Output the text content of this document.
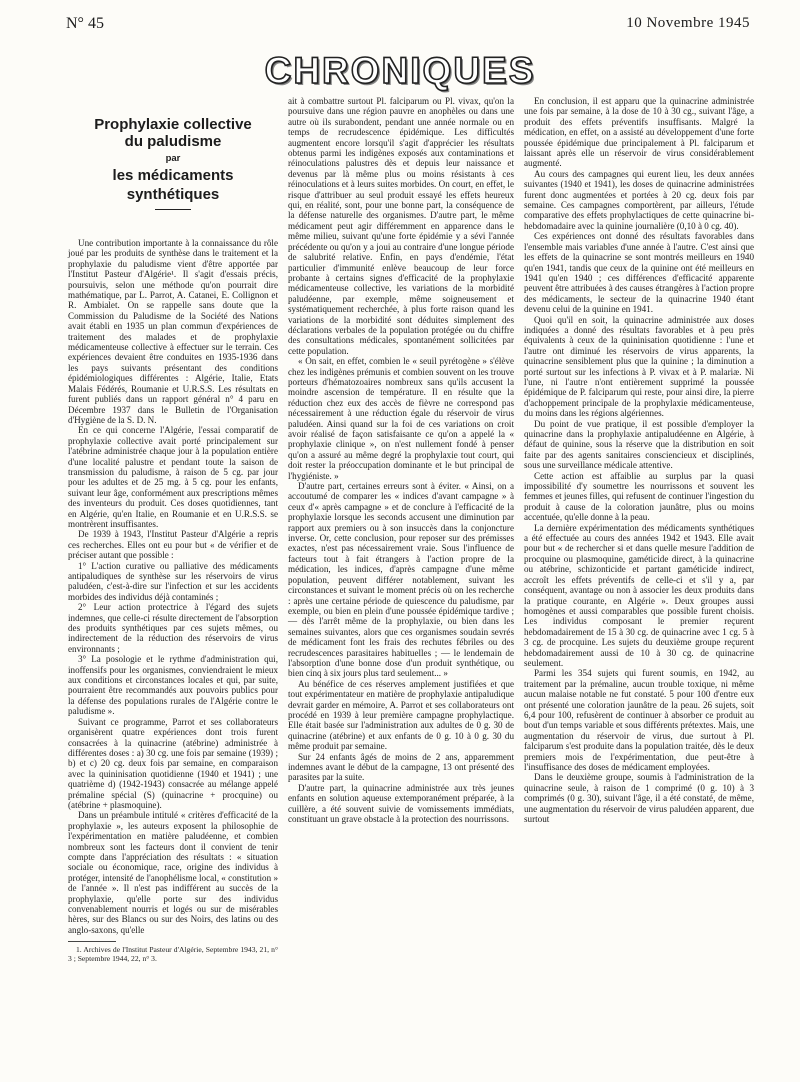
N° 45	10 Novembre 1945
CHRONIQUES
Prophylaxie collective
du paludisme
par
les médicaments synthétiques

Une contribution importante à la connaissance du rôle joué par les produits de synthèse dans le traitement et la prophylaxie du paludisme vient d'être apportée par l'Institut Pasteur d'Algérie¹. Il s'agit d'essais précis, poursuivis, selon une méthode qu'on pourrait dire mathématique, par L. Parrot, A. Catanei, E. Collignon et R. Ambialet. On se rappelle sans doute que la Commission du Paludisme de la Société des Nations avait établi en 1935 un plan commun d'expériences de traitement des malades et de prophylaxie médicamenteuse collective à effectuer sur le terrain. Ces expériences devaient être conduites en 1935-1936 dans les pays suivants présentant des conditions épidémiologiques différentes : Algérie, Italie, Etats Malais Fédérés, Roumanie et U.R.S.S. Les résultats en furent publiés dans un rapport général n° 4 paru en Décembre 1937 dans le Bulletin de l'Organisation d'Hygiène de la S. D. N.

En ce qui concerne l'Algérie, l'essai comparatif de prophylaxie collective avait porté principalement sur l'atébrine administrée chaque jour à la population entière d'une localité palustre et pendant toute la saison de transmission du paludisme, à raison de 5 cg. par jour pour les adultes et de 25 mg. à 5 cg. pour les enfants, suivant leur âge, conformément aux prescriptions mêmes des inventeurs du produit. Ces doses quotidiennes, tant en Algérie, qu'en Italie, en Roumanie et en U.R.S.S. se montrèrent insuffisantes.

De 1939 à 1943, l'Institut Pasteur d'Algérie a repris ces recherches. Elles ont eu pour but « de vérifier et de préciser autant que possible :

1° L'action curative ou palliative des médicaments antipaludiques de synthèse sur les réservoirs de virus paludéen, c'est-à-dire sur l'infection et sur les accidents morbides des individus déjà contaminés ;

2° Leur action protectrice à l'égard des sujets indemnes, que celle-ci résulte directement de l'absorption des produits synthétiques par ces sujets mêmes, ou indirectement de la réduction des réservoirs de virus environnants ;

3° La posologie et le rythme d'administration qui, inoffensifs pour les organismes, conviendraient le mieux aux conditions et circonstances locales et qui, par suite, pourraient être recommandés aux pouvoirs publics pour la défense des populations rurales de l'Algérie contre le paludisme ».

Suivant ce programme, Parrot et ses collaborateurs organisèrent quatre expériences dont trois furent consacrées à la quinacrine (atébrine) administrée à différentes doses : a) 30 cg. une fois par semaine (1939) ; b) et c) 20 cg. deux fois par semaine, en comparaison avec la quininisation quotidienne (1940 et 1941) ; une quatrième d) (1942-1943) consacrée au mélange appelé prémaline spécial (S) (quinacrine + procquine) ou (atébrine + plasmoquine).

Dans un préambule intitulé « critères d'efficacité de la prophylaxie », les auteurs exposent la philosophie de l'expérimentation en matière paludéenne, et combien nombreux sont les facteurs dont il convient de tenir compte dans l'appréciation des résultats : « situation sociale ou économique, race, origine des individus à protéger, intensité de l'anophélisme local, « constitution » de l'année ». Il n'est pas indifférent au succès de la prophylaxie, qu'elle porte sur des individus convenablement nourris et logés ou sur de misérables hères, sur des Blancs ou sur des Noirs, des latins ou des anglo-saxons, qu'elle

1. Archives de l'Institut Pasteur d'Algérie, Septembre 1943, 21, n° 3 ; Septembre 1944, 22, n° 3.

ait à combattre surtout Pl. falciparum ou Pl. vivax, qu'on la poursuive dans une région pauvre en anophèles ou dans une autre où ils surabondent, pendant une année normale ou en temps de recrudescence épidémique. Les difficultés augmentent encore lorsqu'il s'agit d'apprécier les résultats obtenus parmi les indigènes exposés aux contaminations et réinoculations palustres dès et depuis leur naissance et devenus par là même plus ou moins résistants à ces réinoculations et à leurs suites morbides. On court, en effet, le risque d'attribuer au seul produit essayé les effets heureux qui, en réalité, sont, pour une bonne part, la conséquence de la défense naturelle des organismes. D'autre part, le même médicament peut agir différemment en apparence dans le même milieu, suivant qu'une forte épidémie y a sévi l'année précédente ou qu'on y a joui au contraire d'une longue période de salubrité relative. Enfin, en pays d'endémie, l'état particulier d'immunité enlève beaucoup de leur force probante à certains signes d'efficacité de la prophylaxie médicamenteuse collective, les variations de la morbidité paludéenne, par exemple, même soigneusement et systématiquement recherchée, à plus forte raison quand les variations de la morbidité sont déduites simplement des déclarations verbales de la population protégée ou du chiffre des consultations médicales, spontanément sollicitées par cette population.

« On sait, en effet, combien le « seuil pyrétogène » s'élève chez les indigènes prémunis et combien souvent on les trouve porteurs d'hématozoaires nombreux sans qu'ils accusent la moindre ascension de température. Il en résulte que la réduction chez eux des accès de fièvre ne correspond pas nécessairement à une réduction égale du réservoir de virus paludéen. Ainsi quand sur la foi de ces variations on croit avoir réalisé de façon satisfaisante ce qu'on a appelé la « prophylaxie clinique », on n'est nullement fondé à penser qu'on a assuré au même degré la prophylaxie tout court, qui doit rester la préoccupation dominante et le but principal de l'hygiéniste. »

D'autre part, certaines erreurs sont à éviter. « Ainsi, on a accoutumé de comparer les « indices d'avant campagne » à ceux d'« après campagne » et de conclure à l'efficacité de la prophylaxie lorsque les seconds accusent une diminution par rapport aux premiers ou à son insuccès dans la conjoncture inverse. Or, cette conclusion, pour reposer sur des prémisses exactes, n'est pas nécessairement vraie. Sous l'influence de facteurs tout à fait étrangers à l'action propre de la médication, les indices, d'après campagne d'une même population, peuvent différer notablement, suivant les circonstances et suivant le moment précis où on les recherche : après une certaine période de quiescence du paludisme, par exemple, ou bien en plein d'une poussée épidémique tardive ; — dès l'arrêt même de la prophylaxie, ou bien dans les semaines suivantes, alors que ces organismes soudain sevrés de médicament font les frais des rechutes fébriles ou des recrudescences parasitaires habituelles ; — le lendemain de l'absorption d'une bonne dose d'un produit synthétique, ou bien cinq à six jours plus tard seulement... »

Au bénéfice de ces réserves amplement justifiées et que tout expérimentateur en matière de prophylaxie antipaludique devrait garder en mémoire, A. Parrot et ses collaborateurs ont procédé en 1939 à leur première campagne prophylactique. Elle était basée sur l'administration aux adultes de 0 g. 30 de quinacrine (atébrine) et aux enfants de 0 g. 10 à 0 g. 30 du même produit par semaine.

Sur 24 enfants âgés de moins de 2 ans, apparemment indemnes avant le début de la campagne, 13 ont présenté des parasites par la suite.

D'autre part, la quinacrine administrée aux très jeunes enfants en solution aqueuse extemporanément préparée, à la cuillère, a été souvent suivie de vomissements immédiats, constituant un grave obstacle à la protection des nourrissons.

En conclusion, il est apparu que la quinacrine administrée une fois par semaine, à la dose de 10 à 30 cg., suivant l'âge, a produit des effets préventifs insuffisants. Malgré la médication, en effet, on a assisté au développement d'une forte poussée épidémique due principalement à Pl. falciparum et laissant après elle un réservoir de virus considérablement augmenté.

Au cours des campagnes qui eurent lieu, les deux années suivantes (1940 et 1941), les doses de quinacrine administrées furent donc augmentées et portées à 20 cg. deux fois par semaine. Ces campagnes comportèrent, par ailleurs, l'étude comparative des effets prophylactiques de cette quinacrine bi-hebdomadaire avec la quinine journalière (0,10 à 0 cg. 40).

Ces expériences ont donné des résultats favorables dans l'ensemble mais variables d'une année à l'autre. C'est ainsi que les effets de la quinacrine se sont montrés meilleurs en 1940 qu'en 1941, tandis que ceux de la quinine ont été meilleurs en 1941 qu'en 1940 ; ces différences d'efficacité apparente peuvent être attribuées à des causes étrangères à l'action propre des médicaments, le secteur de la quinacrine 1940 étant devenu celui de la quinine en 1941.

Quoi qu'il en soit, la quinacrine administrée aux doses indiquées a donné des résultats favorables et à peu près équivalents à ceux de la quininisation quotidienne : l'une et l'autre ont diminué les réservoirs de virus apparents, la quinacrine sensiblement plus que la quinine ; la diminution a porté surtout sur les infections à P. vivax et à P. malariæ. Ni l'une, ni l'autre n'ont entièrement supprimé la poussée épidémique de P. falciparum qui reste, pour ainsi dire, la pierre d'achoppement principale de la prophylaxie médicamenteuse, du moins dans les régions algériennes.

Du point de vue pratique, il est possible d'employer la quinacrine dans la prophylaxie antipaludéenne en Algérie, à défaut de quinine, sous la réserve que la distribution en soit faite par des agents sanitaires consciencieux et disciplinés, sous une surveillance médicale attentive.

Cette action est affaiblie au surplus par la quasi impossibilité d'y soumettre les nourrissons et souvent les femmes et jeunes filles, qui refusent de continuer l'ingestion du produit à cause de la coloration jaunâtre, plus ou moins accentuée, qu'elle donne à la peau.

La dernière expérimentation des médicaments synthétiques a été effectuée au cours des années 1942 et 1943. Elle avait pour but « de rechercher si et dans quelle mesure l'addition de procquine ou plasmoquine, gaméticide direct, à la quinacrine ou atébrine, schizonticide et partant gaméticide indirect, accroît les effets préventifs de celle-ci et s'il y a, par conséquent, avantage ou non à associer les deux produits dans la pratique courante, en Algérie ». Deux groupes aussi homogènes et aussi comparables que possible furent choisis. Les individus composant le premier reçurent hebdomadairement de 15 à 30 cg. de quinacrine avec 1 cg. 5 à 3 cg. de procquine. Les sujets du deuxième groupe reçurent hebdomadairement aussi de 10 à 30 cg. de quinacrine seulement.

Parmi les 354 sujets qui furent soumis, en 1942, au traitement par la prémaline, aucun trouble toxique, ni même aucun malaise notable ne fut constaté. 5 pour 100 d'entre eux ont présenté une coloration jaunâtre de la peau. 26 sujets, soit 6,4 pour 100, refusèrent de continuer à absorber ce produit au bout d'un temps variable et sous différents prétextes. Mais, une augmentation du réservoir de virus, due surtout à Pl. falciparum s'est produite dans la population traitée, dès le deux premiers mois de l'expérimentation, due peut-être à l'insuffisance des doses de médicament employées.

Dans le deuxième groupe, soumis à l'administration de la quinacrine seule, à raison de 1 comprimé (0 g. 10) à 3 comprimés (0 g. 30), suivant l'âge, il a été constaté, de même, une augmentation du réservoir de virus paludéen apparent, due surtout
